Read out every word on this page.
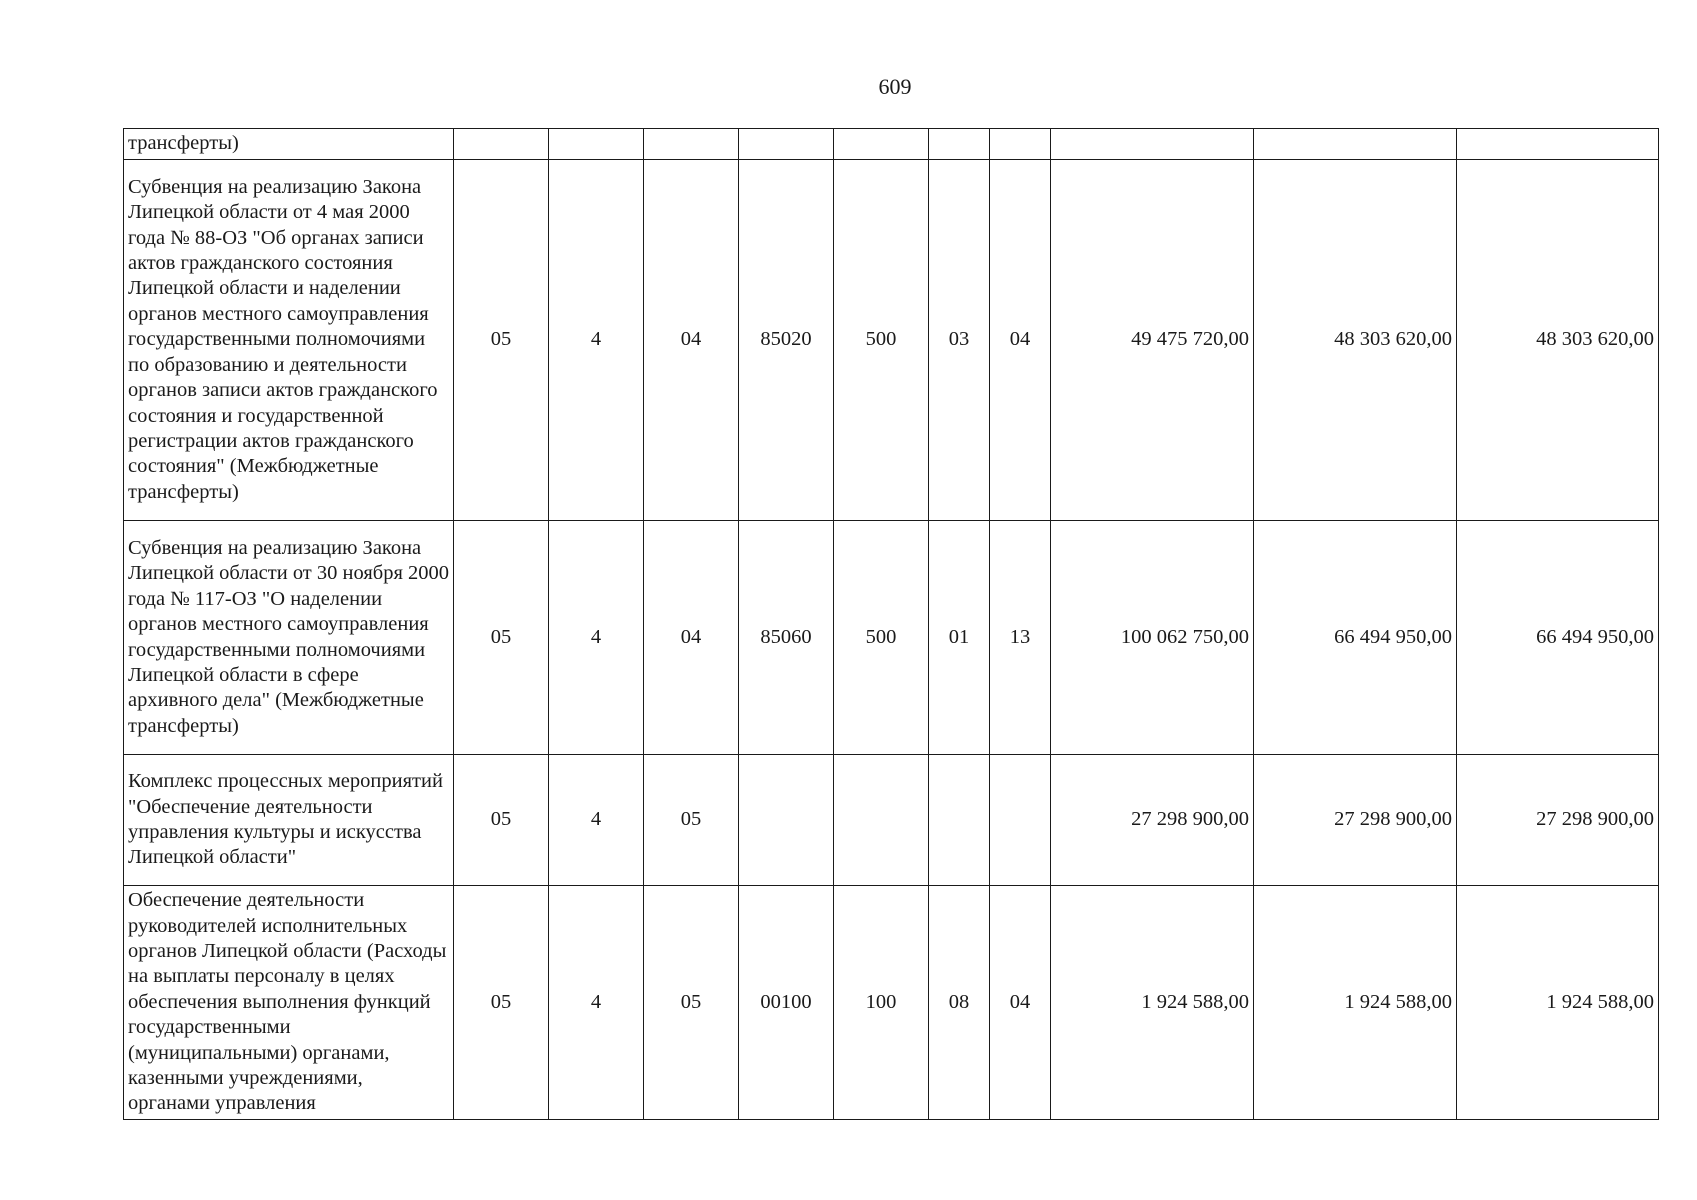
609
трансферты)										
Субвенция на реализацию Закона Липецкой области от 4 мая 2000 года № 88-ОЗ "Об органах записи актов гражданского состояния Липецкой области и наделении органов местного самоуправления государственными полномочиями по образованию и деятельности органов записи актов гражданского состояния и государственной регистрации актов гражданского состояния" (Межбюджетные трансферты)	05	4	04	85020	500	03	04	49 475 720,00	48 303 620,00	48 303 620,00
Субвенция на реализацию Закона Липецкой области от 30 ноября 2000 года № 117-ОЗ "О наделении органов местного самоуправления государственными полномочиями Липецкой области в сфере архивного дела" (Межбюджетные трансферты)	05	4	04	85060	500	01	13	100 062 750,00	66 494 950,00	66 494 950,00
Комплекс процессных мероприятий "Обеспечение деятельности управления культуры и искусства Липецкой области"	05	4	05					27 298 900,00	27 298 900,00	27 298 900,00
Обеспечение деятельности руководителей исполнительных органов Липецкой области (Расходы на выплаты персоналу в целях обеспечения выполнения функций государственными (муниципальными) органами, казенными учреждениями, органами управления	05	4	05	00100	100	08	04	1 924 588,00	1 924 588,00	1 924 588,00
